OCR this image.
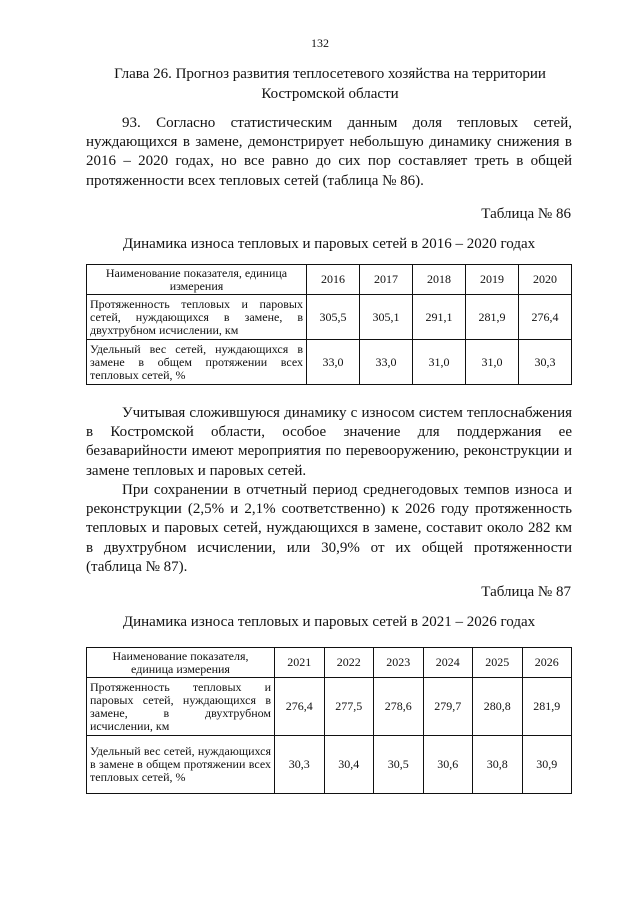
132
Глава 26. Прогноз развития теплосетевого хозяйства на территории Костромской области
93. Согласно статистическим данным доля тепловых сетей, нуждающихся в замене, демонстрирует небольшую динамику снижения в 2016 – 2020 годах, но все равно до сих пор составляет треть в общей протяженности всех тепловых сетей (таблица № 86).
Таблица № 86
Динамика износа тепловых и паровых сетей в 2016 – 2020 годах
Наименование показателя, единица измерения	2016	2017	2018	2019	2020
Протяженность тепловых и паровых сетей, нуждающихся в замене, в двухтрубном исчислении, км	305,5	305,1	291,1	281,9	276,4
Удельный вес сетей, нуждающихся в замене в общем протяжении всех тепловых сетей, %	33,0	33,0	31,0	31,0	30,3
Учитывая сложившуюся динамику с износом систем теплоснабжения в Костромской области, особое значение для поддержания ее безаварийности имеют мероприятия по перевооружению, реконструкции и замене тепловых и паровых сетей.
При сохранении в отчетный период среднегодовых темпов износа и реконструкции (2,5% и 2,1% соответственно) к 2026 году протяженность тепловых и паровых сетей, нуждающихся в замене, составит около 282 км в двухтрубном исчислении, или 30,9% от их общей протяженности (таблица № 87).
Таблица № 87
Динамика износа тепловых и паровых сетей в 2021 – 2026 годах
Наименование показателя, единица измерения	2021	2022	2023	2024	2025	2026
Протяженность тепловых и паровых сетей, нуждающихся в замене, в двухтрубном исчислении, км	276,4	277,5	278,6	279,7	280,8	281,9
Удельный вес сетей, нуждающихся в замене в общем протяжении всех тепловых сетей, %	30,3	30,4	30,5	30,6	30,8	30,9
